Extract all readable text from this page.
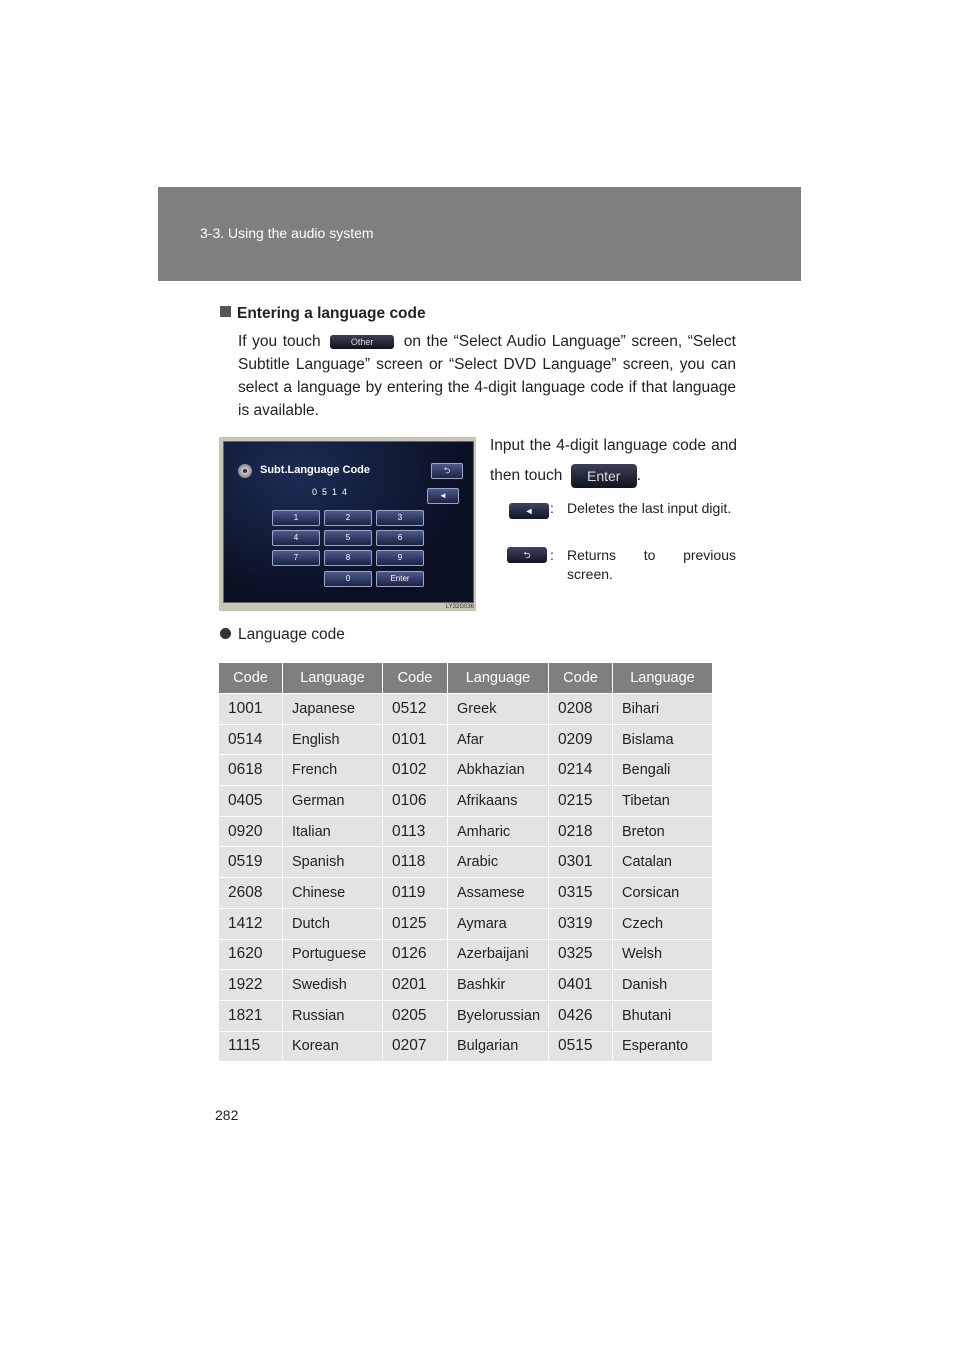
3-3. Using the audio system
Entering a language code
If you touch	Other on the “Select Audio Language” screen, “Select Subtitle Language” screen or “Select DVD Language” screen, you can select a language by entering the 4-digit language code if that language is available.
Subt.Language Code
0514
⮌
◄
1	2	3
4	5	6
7	8	9
0	Enter
LY32G036
Input the 4-digit language code and then touch Enter .
◄	: Deletes the last input digit.
⮌	: Returns to previous screen.
Language code
Code	Language	Code	Language	Code	Language
1001	Japanese	0512	Greek	0208	Bihari
0514	English	0101	Afar	0209	Bislama
0618	French	0102	Abkhazian	0214	Bengali
0405	German	0106	Afrikaans	0215	Tibetan
0920	Italian	0113	Amharic	0218	Breton
0519	Spanish	0118	Arabic	0301	Catalan
2608	Chinese	0119	Assamese	0315	Corsican
1412	Dutch	0125	Aymara	0319	Czech
1620	Portuguese	0126	Azerbaijani	0325	Welsh
1922	Swedish	0201	Bashkir	0401	Danish
1821	Russian	0205	Byelorussian	0426	Bhutani
1115	Korean	0207	Bulgarian	0515	Esperanto
282
